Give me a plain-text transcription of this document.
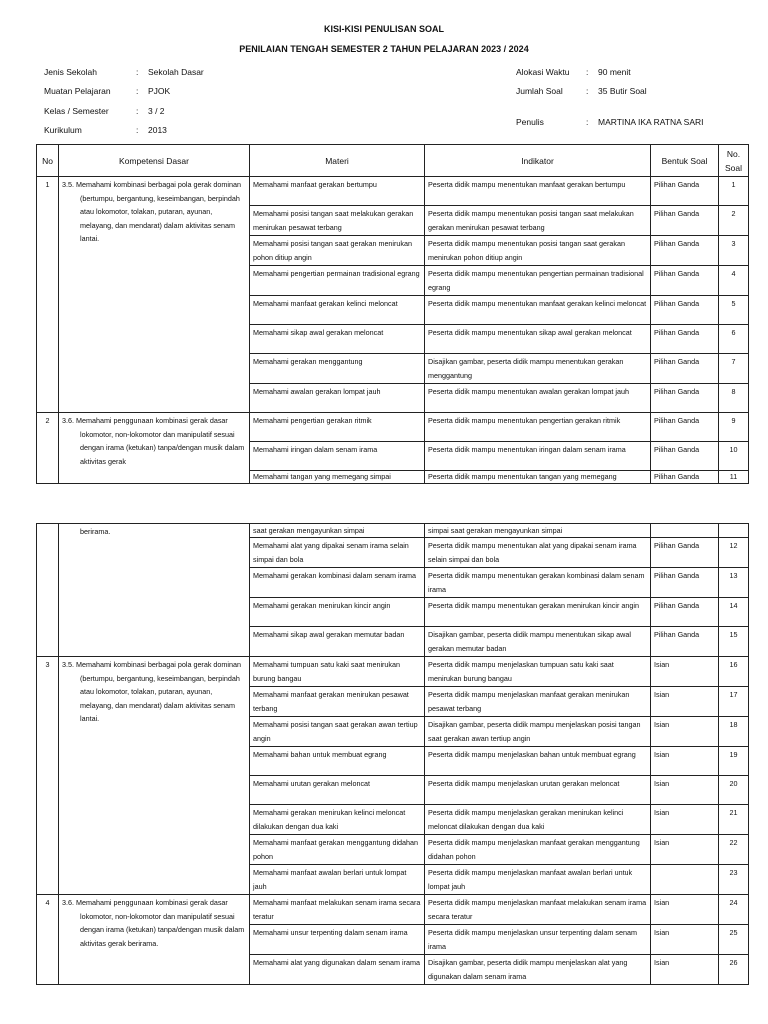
KISI-KISI PENULISAN SOAL
PENILAIAN TENGAH SEMESTER 2 TAHUN PELAJARAN 2023 / 2024
Jenis Sekolah	: Sekolah Dasar
Muatan Pelajaran	: PJOK
Kelas / Semester	: 3 / 2
Kurikulum	: 2013
Alokasi Waktu : 90 menit
Jumlah Soal	: 35 Butir Soal
Penulis	: MARTINA IKA RATNA SARI
No	Kompetensi Dasar	Materi	Indikator	Bentuk Soal	No.
Soal
1	3.5. Memahami kombinasi berbagai pola gerak dominan (bertumpu, bergantung, keseimbangan, berpindah atau lokomotor, tolakan, putaran, ayunan, melayang, dan mendarat) dalam aktivitas senam lantai.	Memahami manfaat gerakan bertumpu	Peserta didik mampu menentukan manfaat gerakan bertumpu	Pilihan Ganda	1
		Memahami posisi tangan saat melakukan gerakan menirukan pesawat terbang	Peserta didik mampu menentukan posisi tangan saat melakukan gerakan menirukan pesawat terbang	Pilihan Ganda	2
		Memahami posisi tangan saat gerakan menirukan pohon ditiup angin	Peserta didik mampu menentukan posisi tangan saat gerakan menirukan pohon ditiup angin	Pilihan Ganda	3
		Memahami pengertian permainan tradisional egrang	Peserta didik mampu menentukan pengertian permainan tradisional egrang	Pilihan Ganda	4
		Memahami manfaat gerakan kelinci meloncat	Peserta didik mampu menentukan manfaat gerakan kelinci meloncat	Pilihan Ganda	5
		Memahami sikap awal gerakan meloncat	Peserta didik mampu menentukan sikap awal gerakan meloncat	Pilihan Ganda	6
		Memahami gerakan menggantung	Disajikan gambar, peserta didik mampu menentukan gerakan menggantung	Pilihan Ganda	7
		Memahami awalan gerakan lompat jauh	Peserta didik mampu menentukan awalan gerakan lompat jauh	Pilihan Ganda	8
2	3.6. Memahami penggunaan kombinasi gerak dasar lokomotor, non-lokomotor dan manipulatif sesuai dengan irama (ketukan) tanpa/dengan musik dalam aktivitas gerak	Memahami pengertian gerakan ritmik	Peserta didik mampu menentukan pengertian gerakan ritmik	Pilihan Ganda	9
		Memahami iringan dalam senam irama	Peserta didik mampu menentukan iringan dalam senam irama	Pilihan Ganda	10
		Memahami tangan yang memegang simpai	Peserta didik mampu menentukan tangan yang memegang	Pilihan Ganda	11

	berirama.	saat gerakan mengayunkan simpai	simpai saat gerakan mengayunkan simpai		
		Memahami alat yang dipakai senam irama selain simpai dan bola	Peserta didik mampu menentukan alat yang dipakai senam irama selain simpai dan bola	Pilihan Ganda	12
		Memahami gerakan kombinasi dalam senam irama	Peserta didik mampu menentukan gerakan kombinasi dalam senam irama	Pilihan Ganda	13
		Memahami gerakan menirukan kincir angin	Peserta didik mampu menentukan gerakan menirukan kincir angin	Pilihan Ganda	14
		Memahami sikap awal gerakan memutar badan	Disajikan gambar, peserta didik mampu menentukan sikap awal gerakan memutar badan	Pilihan Ganda	15
3	3.5. Memahami kombinasi berbagai pola gerak dominan (bertumpu, bergantung, keseimbangan, berpindah atau lokomotor, tolakan, putaran, ayunan, melayang, dan mendarat) dalam aktivitas senam lantai.	Memahami tumpuan satu kaki saat menirukan burung bangau	Peserta didik mampu menjelaskan tumpuan satu kaki saat menirukan burung bangau	Isian	16
		Memahami manfaat gerakan menirukan pesawat terbang	Peserta didik mampu menjelaskan manfaat gerakan menirukan pesawat terbang	Isian	17
		Memahami posisi tangan saat gerakan awan tertiup angin	Disajikan gambar, peserta didik mampu menjelaskan posisi tangan saat gerakan awan tertiup angin	Isian	18
		Memahami bahan untuk membuat egrang	Peserta didik mampu menjelaskan bahan untuk membuat egrang	Isian	19
		Memahami urutan gerakan meloncat	Peserta didik mampu menjelaskan urutan gerakan meloncat	Isian	20
		Memahami gerakan menirukan kelinci meloncat dilakukan dengan dua kaki	Peserta didik mampu menjelaskan gerakan menirukan kelinci meloncat dilakukan dengan dua kaki	Isian	21
		Memahami manfaat gerakan menggantung didahan pohon	Peserta didik mampu menjelaskan manfaat gerakan menggantung didahan pohon	Isian	22
		Memahami manfaat awalan berlari untuk lompat jauh	Peserta didik mampu menjelaskan manfaat awalan berlari untuk lompat jauh		23
4	3.6. Memahami penggunaan kombinasi gerak dasar lokomotor, non-lokomotor dan manipulatif sesuai dengan irama (ketukan) tanpa/dengan musik dalam aktivitas gerak berirama.	Memahami manfaat melakukan senam irama secara teratur	Peserta didik mampu menjelaskan manfaat melakukan senam irama secara teratur	Isian	24
		Memahami unsur terpenting dalam senam irama	Peserta didik mampu menjelaskan unsur terpenting dalam senam irama	Isian	25
		Memahami alat yang digunakan dalam senam irama	Disajikan gambar, peserta didik mampu menjelaskan alat yang digunakan dalam senam irama	Isian	26
